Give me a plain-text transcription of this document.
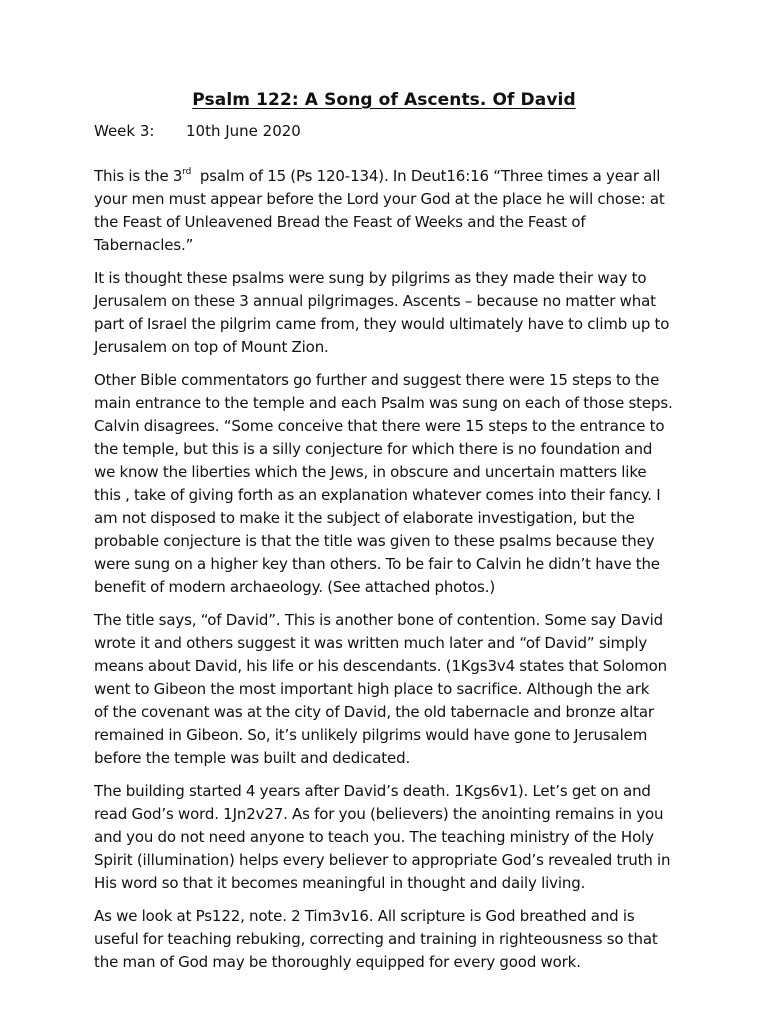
Psalm 122: A Song of Ascents. Of David
Week 3: 10th June 2020
This is the 3rd  psalm of 15 (Ps 120-134). In Deut16:16 “Three times a year all
your men must appear before the Lord your God at the place he will chose: at
the Feast of Unleavened Bread the Feast of Weeks and the Feast of
Tabernacles.”
It is thought these psalms were sung by pilgrims as they made their way to
Jerusalem on these 3 annual pilgrimages. Ascents – because no matter what
part of Israel the pilgrim came from, they would ultimately have to climb up to
Jerusalem on top of Mount Zion.
Other Bible commentators go further and suggest there were 15 steps to the
main entrance to the temple and each Psalm was sung on each of those steps.
Calvin disagrees. “Some conceive that there were 15 steps to the entrance to
the temple, but this is a silly conjecture for which there is no foundation and
we know the liberties which the Jews, in obscure and uncertain matters like
this , take of giving forth as an explanation whatever comes into their fancy. I
am not disposed to make it the subject of elaborate investigation, but the
probable conjecture is that the title was given to these psalms because they
were sung on a higher key than others. To be fair to Calvin he didn’t have the
benefit of modern archaeology. (See attached photos.)
The title says, “of David”. This is another bone of contention. Some say David
wrote it and others suggest it was written much later and “of David” simply
means about David, his life or his descendants. (1Kgs3v4 states that Solomon
went to Gibeon the most important high place to sacrifice. Although the ark
of the covenant was at the city of David, the old tabernacle and bronze altar
remained in Gibeon. So, it’s unlikely pilgrims would have gone to Jerusalem
before the temple was built and dedicated.
The building started 4 years after David’s death. 1Kgs6v1). Let’s get on and
read God’s word. 1Jn2v27. As for you (believers) the anointing remains in you
and you do not need anyone to teach you. The teaching ministry of the Holy
Spirit (illumination) helps every believer to appropriate God’s revealed truth in
His word so that it becomes meaningful in thought and daily living.
As we look at Ps122, note. 2 Tim3v16. All scripture is God breathed and is
useful for teaching rebuking, correcting and training in righteousness so that
the man of God may be thoroughly equipped for every good work.
